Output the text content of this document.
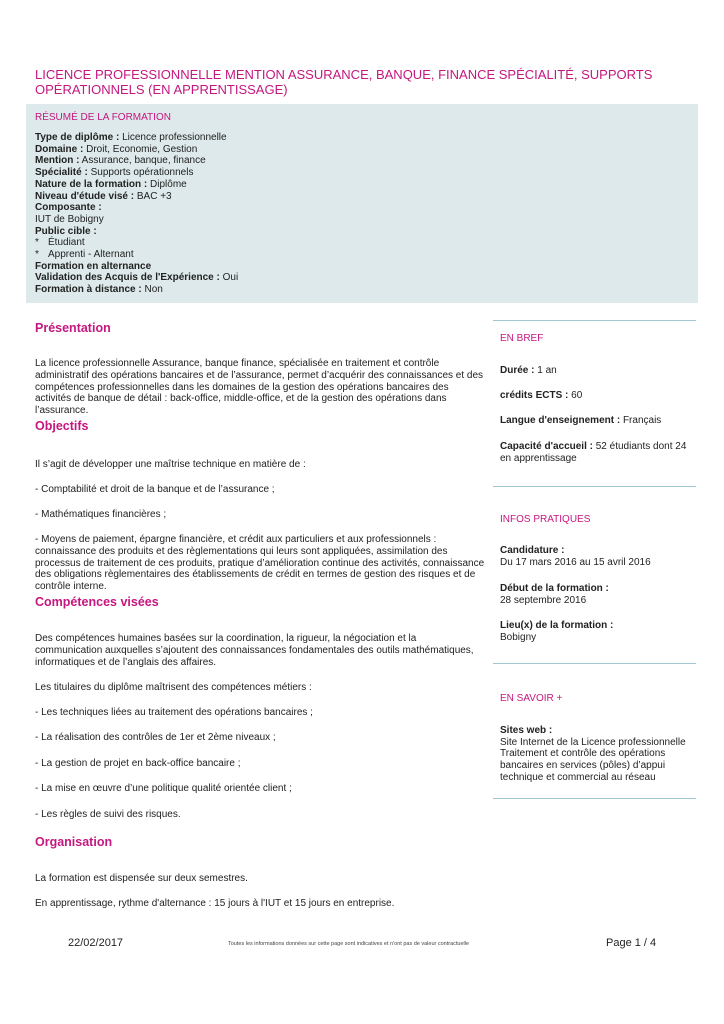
LICENCE PROFESSIONNELLE MENTION ASSURANCE, BANQUE, FINANCE SPÉCIALITÉ, SUPPORTS OPÉRATIONNELS (EN APPRENTISSAGE)
RÉSUMÉ DE LA FORMATION
Type de diplôme : Licence professionnelle
Domaine : Droit, Economie, Gestion
Mention : Assurance, banque, finance
Spécialité : Supports opérationnels
Nature de la formation : Diplôme
Niveau d'étude visé : BAC +3
Composante :
IUT de Bobigny
Public cible :
* Étudiant
* Apprenti - Alternant
Formation en alternance
Validation des Acquis de l'Expérience : Oui
Formation à distance : Non
Présentation
La licence professionnelle Assurance, banque finance, spécialisée en traitement et contrôle administratif des opérations bancaires et de l’assurance, permet d’acquérir des connaissances et des compétences professionnelles dans les domaines de la gestion des opérations bancaires des activités de banque de détail : back-office, middle-office, et de la gestion des opérations dans l’assurance.
Objectifs
Il s’agit de développer une maîtrise technique en matière de :
- Comptabilité et droit de la banque et de l’assurance ;
- Mathématiques financières ;
- Moyens de paiement, épargne financière, et crédit aux particuliers et aux professionnels : connaissance des produits et des règlementations qui leurs sont appliquées, assimilation des processus de traitement de ces produits, pratique d’amélioration continue des activités, connaissance des obligations règlementaires des établissements de crédit en termes de gestion des risques et de contrôle interne.
Compétences visées
Des compétences humaines basées sur la coordination, la rigueur, la négociation et la communication auxquelles s’ajoutent des connaissances fondamentales des outils mathématiques, informatiques et de l’anglais des affaires.
Les titulaires du diplôme maîtrisent des compétences métiers :
- Les techniques liées au traitement des opérations bancaires ;
- La réalisation des contrôles de 1er et 2ème niveaux ;
- La gestion de projet en back-office bancaire ;
- La mise en œuvre d’une politique qualité orientée client ;
- Les règles de suivi des risques.
Organisation
La formation est dispensée sur deux semestres.
En apprentissage, rythme d'alternance : 15 jours à l'IUT et 15 jours en entreprise.
EN BREF
Durée : 1 an
crédits ECTS : 60
Langue d'enseignement : Français
Capacité d'accueil : 52 étudiants dont 24 en apprentissage
INFOS PRATIQUES
Candidature :
Du 17 mars 2016 au 15 avril 2016
Début de la formation :
28 septembre 2016
Lieu(x) de la formation :
Bobigny
EN SAVOIR +
Sites web :
Site Internet de la Licence professionnelle Traitement et contrôle des opérations bancaires en services (pôles) d’appui technique et commercial au réseau
22/02/2017	Toutes les informations données sur cette page sont indicatives et n'ont pas de valeur contractuelle	Page 1 / 4
